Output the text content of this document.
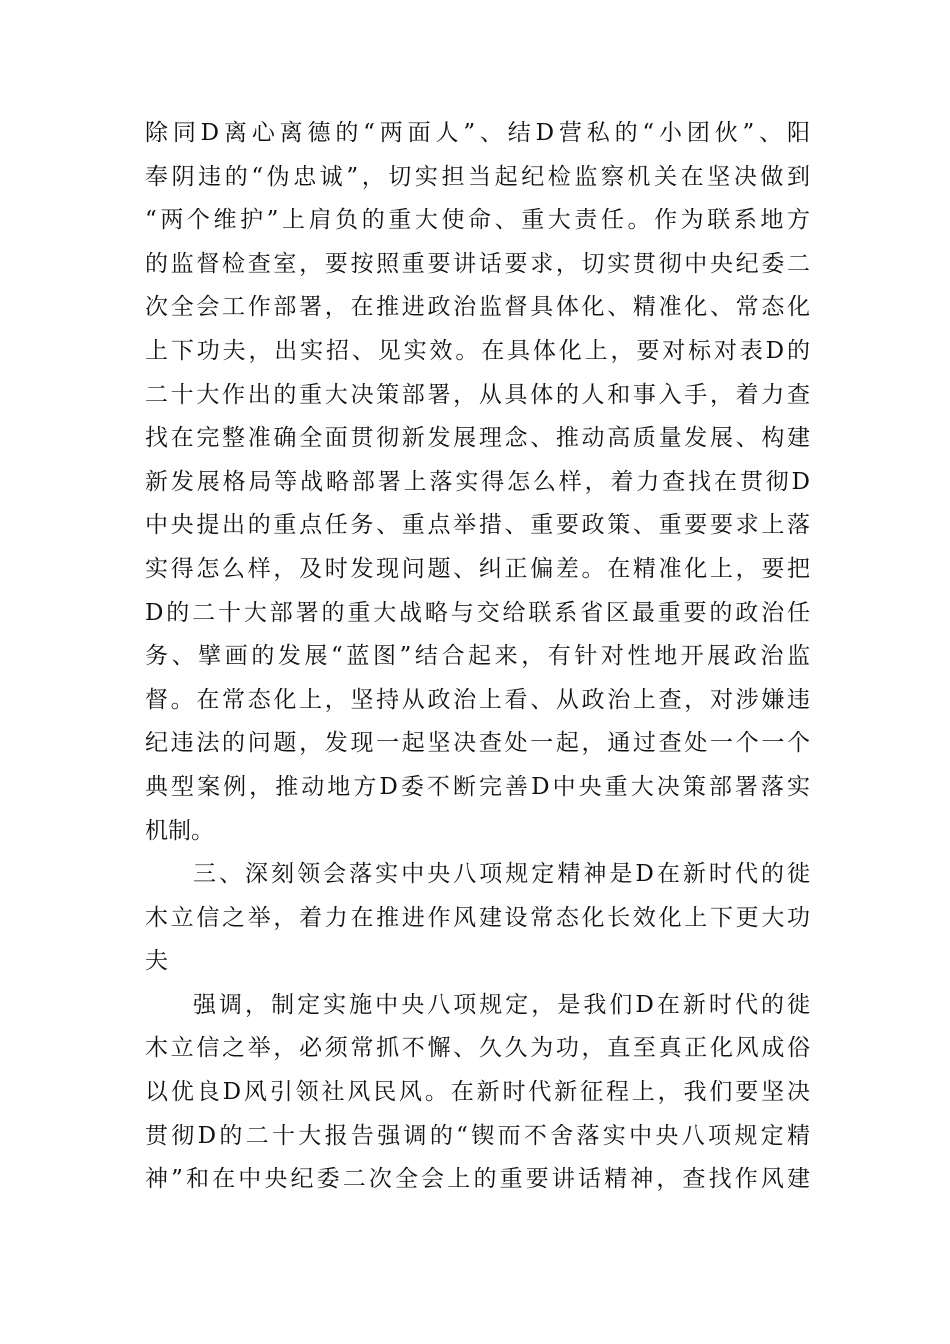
除同D离心离德的“两面人”、结D营私的“小团伙”、阳
奉阴违的“伪忠诚”，切实担当起纪检监察机关在坚决做到
“两个维护”上肩负的重大使命、重大责任。作为联系地方
的监督检查室，要按照重要讲话要求，切实贯彻中央纪委二
次全会工作部署，在推进政治监督具体化、精准化、常态化
上下功夫，出实招、见实效。在具体化上，要对标对表D的
二十大作出的重大决策部署，从具体的人和事入手，着力查
找在完整准确全面贯彻新发展理念、推动高质量发展、构建
新发展格局等战略部署上落实得怎么样，着力查找在贯彻D
中央提出的重点任务、重点举措、重要政策、重要要求上落
实得怎么样，及时发现问题、纠正偏差。在精准化上，要把
D的二十大部署的重大战略与交给联系省区最重要的政治任
务、擘画的发展“蓝图”结合起来，有针对性地开展政治监
督。在常态化上，坚持从政治上看、从政治上查，对涉嫌违
纪违法的问题，发现一起坚决查处一起，通过查处一个一个
典型案例，推动地方D委不断完善D中央重大决策部署落实
机制。
三、深刻领会落实中央八项规定精神是D在新时代的徙
木立信之举，着力在推进作风建设常态化长效化上下更大功
夫
强调，制定实施中央八项规定，是我们D在新时代的徙
木立信之举，必须常抓不懈、久久为功，直至真正化风成俗
以优良D风引领社风民风。在新时代新征程上，我们要坚决
贯彻D的二十大报告强调的“锲而不舍落实中央八项规定精
神”和在中央纪委二次全会上的重要讲话精神，查找作风建
